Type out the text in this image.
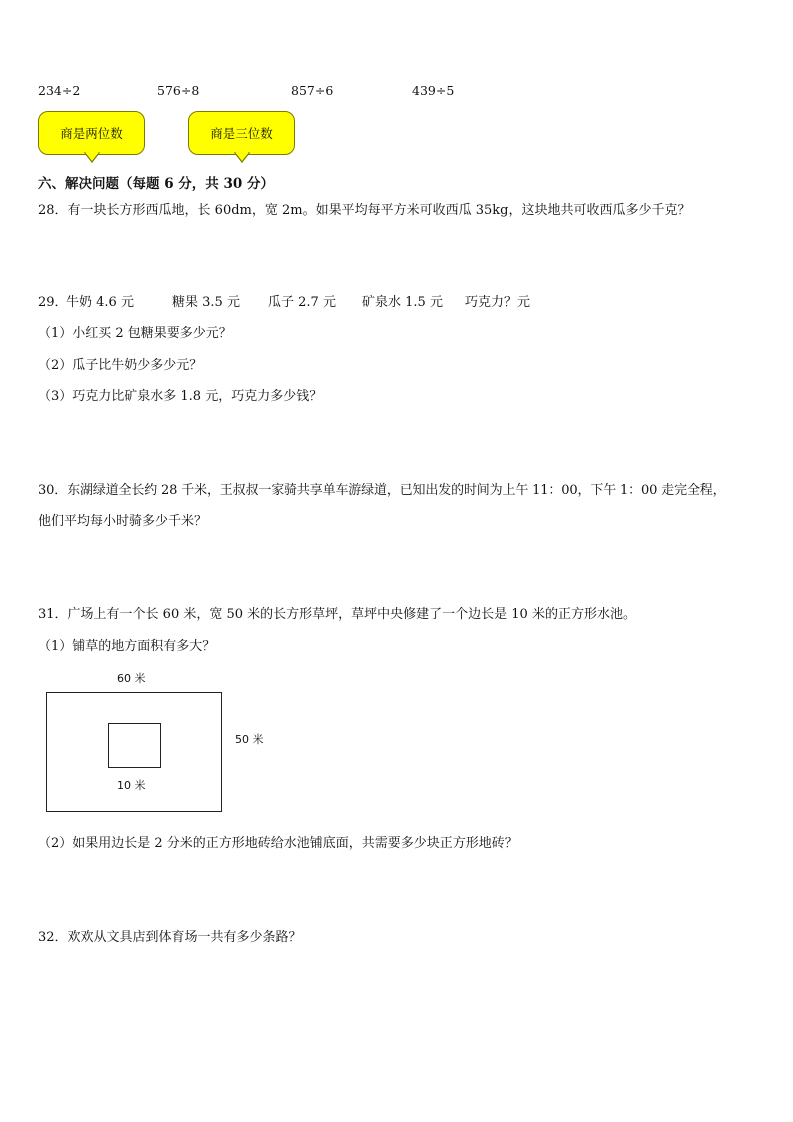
234÷2	576÷8	857÷6	439÷5
商是两位数	商是三位数
六、解决问题（每题 6 分，共 30 分）
28．有一块长方形西瓜地，长 60dm，宽 2m。如果平均每平方米可收西瓜 35kg，这块地共可收西瓜多少千克？
29．
牛奶 4.6 元	糖果 3.5 元 瓜子 2.7 元 矿泉水 1.5 元 巧克力？元
（1）小红买 2 包糖果要多少元？
（2）瓜子比牛奶少多少元？
（3）巧克力比矿泉水多 1.8 元，巧克力多少钱？
30．东湖绿道全长约 28 千米，王叔叔一家骑共享单车游绿道，已知出发的时间为上午 11：00，下午 1：00 走完全程，
他们平均每小时骑多少千米？
31．广场上有一个长 60 米，宽 50 米的长方形草坪，草坪中央修建了一个边长是 10 米的正方形水池。
（1）铺草的地方面积有多大？
60 米
10 米
50 米
（2）如果用边长是 2 分米的正方形地砖给水池铺底面，共需要多少块正方形地砖？
32．欢欢从文具店到体育场一共有多少条路？
